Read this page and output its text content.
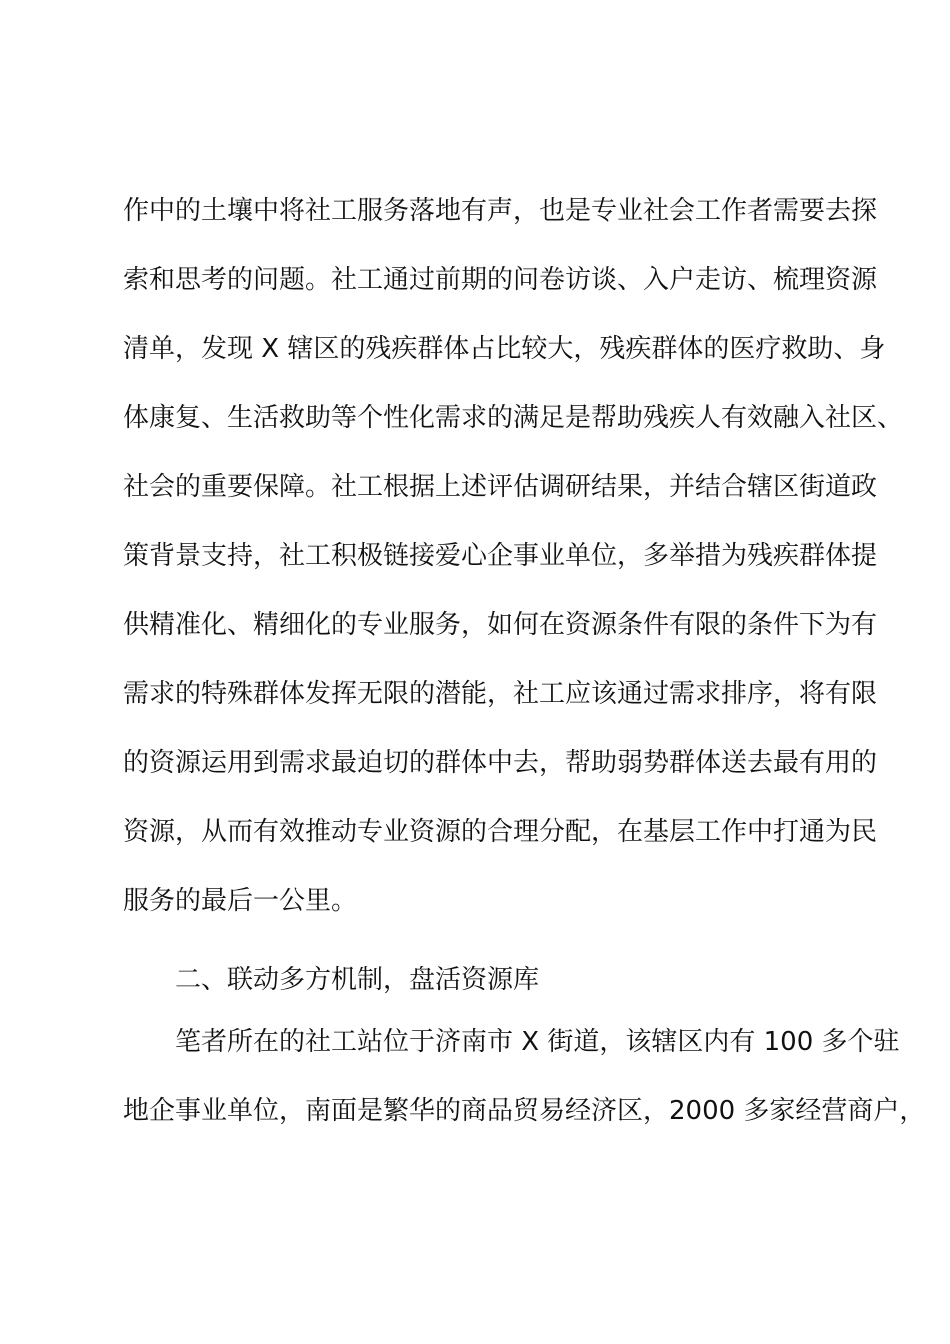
作中的土壤中将社工服务落地有声，也是专业社会工作者需要去探
索和思考的问题。社工通过前期的问卷访谈、入户走访、梳理资源
清单，发现 X 辖区的残疾群体占比较大，残疾群体的医疗救助、身
体康复、生活救助等个性化需求的满足是帮助残疾人有效融入社区、
社会的重要保障。社工根据上述评估调研结果，并结合辖区街道政
策背景支持，社工积极链接爱心企事业单位，多举措为残疾群体提
供精准化、精细化的专业服务，如何在资源条件有限的条件下为有
需求的特殊群体发挥无限的潜能，社工应该通过需求排序，将有限
的资源运用到需求最迫切的群体中去，帮助弱势群体送去最有用的
资源，从而有效推动专业资源的合理分配，在基层工作中打通为民
服务的最后一公里。
二、联动多方机制，盘活资源库
笔者所在的社工站位于济南市 X 街道，该辖区内有 100 多个驻
地企事业单位，南面是繁华的商品贸易经济区，2000 多家经营商户，
